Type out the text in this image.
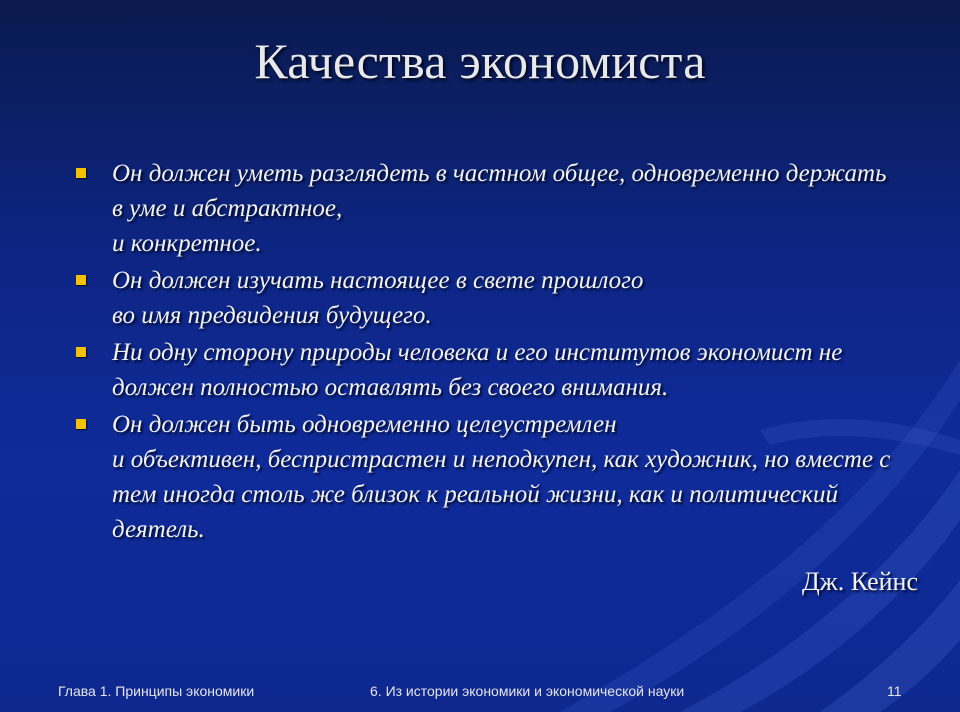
Качества экономиста
Он должен уметь разглядеть в частном общее, одновременно держать
в уме и абстрактное,
и конкретное.
Он должен изучать настоящее в свете прошлого
во имя предвидения будущего.
Ни одну сторону природы человека и его институтов экономист не
должен полностью оставлять без своего внимания.
Он должен быть одновременно целеустремлен
и объективен, беспристрастен и неподкупен, как художник, но вместе с
тем иногда столь же близок к реальной жизни, как и политический
деятель.
Дж. Кейнс
Глава 1. Принципы экономики	6. Из истории экономики и экономической науки	11
